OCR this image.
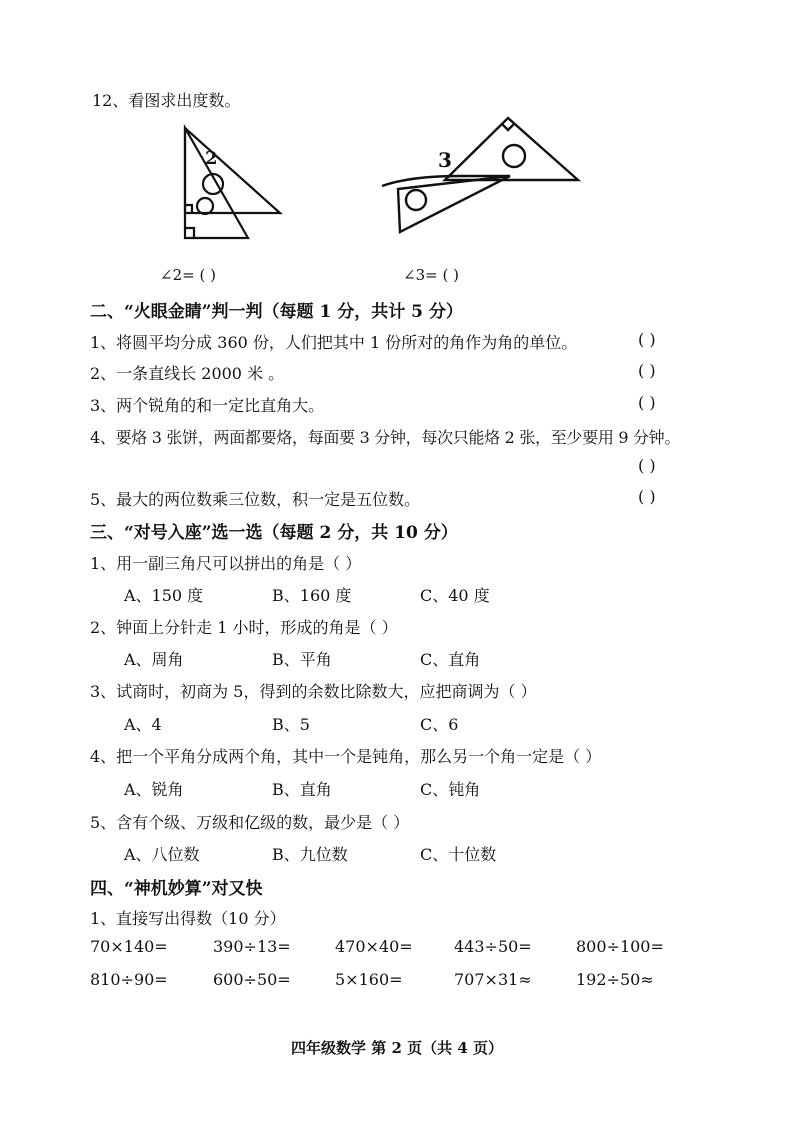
12、看图求出度数。
2	3
∠2= ( )	∠3= ( )
二、“火眼金睛”判一判（每题 1 分，共计 5 分）
1、将圆平均分成 360 份，人们把其中 1 份所对的角作为角的单位。	( )
2、一条直线长 2000 米 。	( )
3、两个锐角的和一定比直角大。	( )
4、要烙 3 张饼，两面都要烙，每面要 3 分钟，每次只能烙 2 张，至少要用 9 分钟。
( )
5、最大的两位数乘三位数，积一定是五位数。	( )
三、“对号入座”选一选（每题 2 分，共 10 分）
1、用一副三角尺可以拼出的角是（ ）
A、150 度	B、160 度	C、40 度
2、钟面上分针走 1 小时，形成的角是（ ）
A、周角	B、平角	C、直角
3、试商时，初商为 5，得到的余数比除数大，应把商调为（ ）
A、4	B、5	C、6
4、把一个平角分成两个角，其中一个是钝角，那么另一个角一定是（ ）
A、锐角	B、直角	C、钝角
5、含有个级、万级和亿级的数，最少是（ ）
A、八位数	B、九位数	C、十位数
四、“神机妙算”对又快
1、直接写出得数（10 分）
70×140=	390÷13=	470×40=	443÷50=	800÷100=
810÷90=	600÷50=	5×160=	707×31≈	192÷50≈
四年级数学 第 2 页（共 4 页）
